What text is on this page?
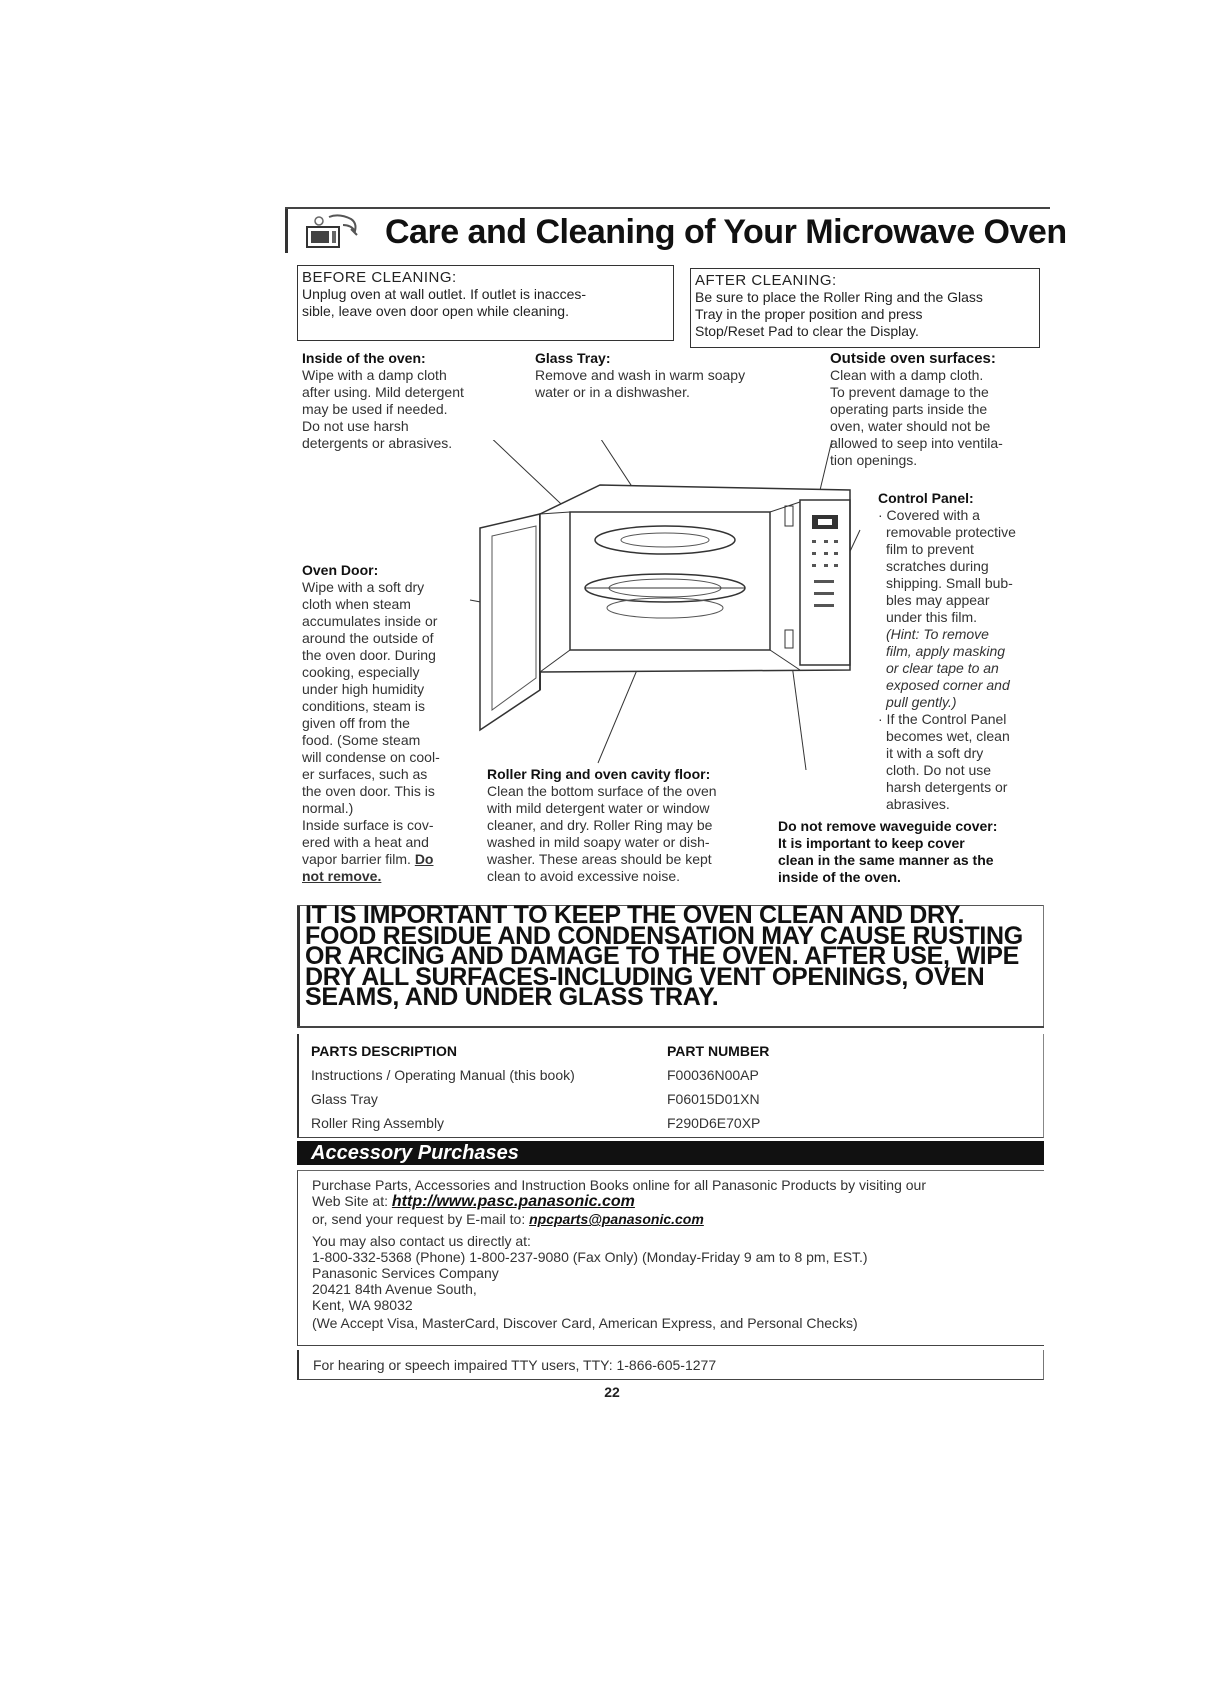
Care and Cleaning of Your Microwave Oven
BEFORE CLEANING:
Unplug oven at wall outlet. If outlet is inacces-
sible, leave oven door open while cleaning.
AFTER CLEANING:
Be sure to place the Roller Ring and the Glass
Tray in the proper position and press
Stop/Reset Pad to clear the Display.
Inside of the oven:
Wipe with a damp cloth
after using. Mild detergent
may be used if needed.
Do not use harsh
detergents or abrasives.
Glass Tray:
Remove and wash in warm soapy
water or in a dishwasher.
Outside oven surfaces:
Clean with a damp cloth.
To prevent damage to the
operating parts inside the
oven, water should not be
allowed to seep into ventila-
tion openings.
Control Panel:
· Covered with a
removable protective
film to prevent
scratches during
shipping. Small bub-
bles may appear
under this film.
(Hint: To remove
film, apply masking
or clear tape to an
exposed corner and
pull gently.)
· If the Control Panel
becomes wet, clean
it with a soft dry
cloth. Do not use
harsh detergents or
abrasives.
Oven Door:
Wipe with a soft dry
cloth when steam
accumulates inside or
around the outside of
the oven door. During
cooking, especially
under high humidity
conditions, steam is
given off from the
food. (Some steam
will condense on cool-
er surfaces, such as
the oven door. This is
normal.)
Inside surface is cov-
ered with a heat and
vapor barrier film. Do
not remove.
Roller Ring and oven cavity floor:
Clean the bottom surface of the oven
with mild detergent water or window
cleaner, and dry. Roller Ring may be
washed in mild soapy water or dish-
washer. These areas should be kept
clean to avoid excessive noise.
Do not remove waveguide cover:
It is important to keep cover
clean in the same manner as the
inside of the oven.

IT IS IMPORTANT TO KEEP THE OVEN CLEAN AND DRY.
FOOD RESIDUE AND CONDENSATION MAY CAUSE RUSTING
OR ARCING AND DAMAGE TO THE OVEN. AFTER USE, WIPE
DRY ALL SURFACES-INCLUDING VENT OPENINGS, OVEN
SEAMS, AND UNDER GLASS TRAY.

PARTS DESCRIPTION	PART NUMBER
Instructions / Operating Manual (this book)	F00036N00AP
Glass Tray	F06015D01XN
Roller Ring Assembly	F290D6E70XP
Accessory Purchases
Purchase Parts, Accessories and Instruction Books online for all Panasonic Products by visiting our
Web Site at: http://www.pasc.panasonic.com
or, send your request by E-mail to: npcparts@panasonic.com
You may also contact us directly at:
1-800-332-5368 (Phone) 1-800-237-9080 (Fax Only) (Monday-Friday 9 am to 8 pm, EST.)
Panasonic Services Company
20421 84th Avenue South,
Kent, WA 98032
(We Accept Visa, MasterCard, Discover Card, American Express, and Personal Checks)
For hearing or speech impaired TTY users, TTY: 1-866-605-1277
22
